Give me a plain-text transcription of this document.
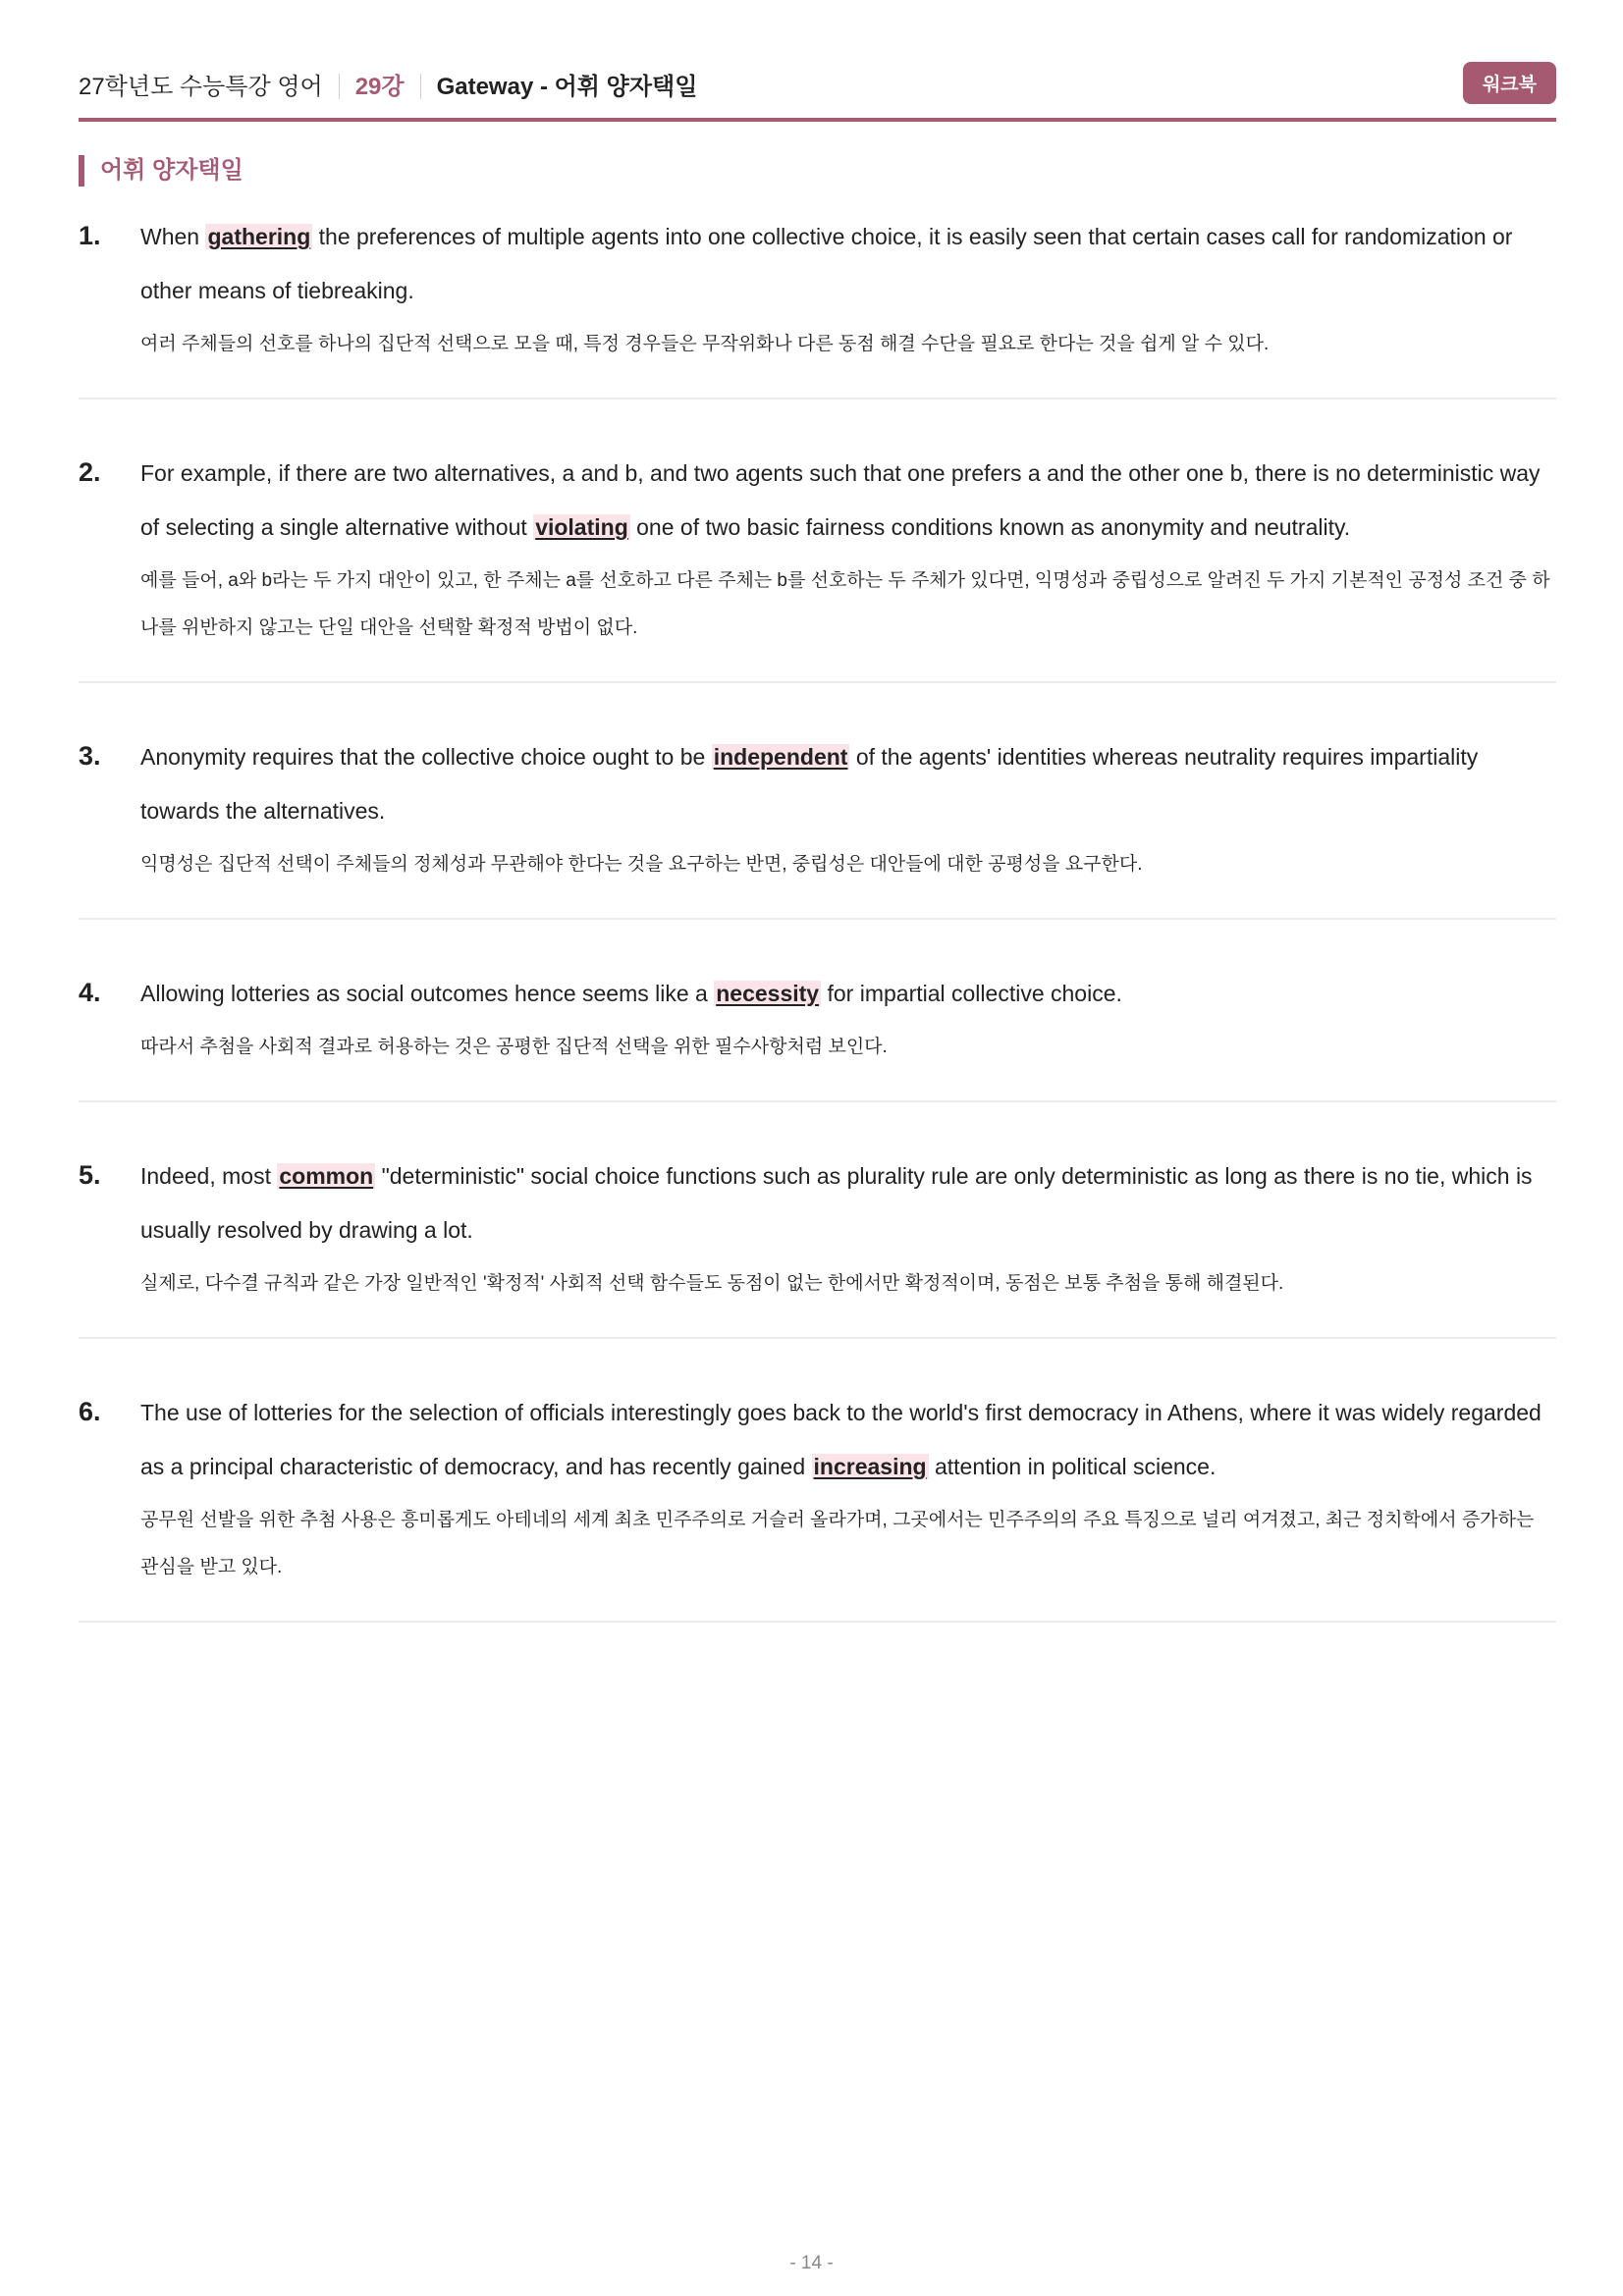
27학년도 수능특강 영어 29강 Gateway - 어휘 양자택일	워크북
어휘 양자택일
1. When gathering the preferences of multiple agents into one collective choice, it is easily seen that certain cases call for randomization or other means of tiebreaking.
여러 주체들의 선호를 하나의 집단적 선택으로 모을 때, 특정 경우들은 무작위화나 다른 동점 해결 수단을 필요로 한다는 것을 쉽게 알 수 있다.
2. For example, if there are two alternatives, a and b, and two agents such that one prefers a and the other one b, there is no deterministic way of selecting a single alternative without violating one of two basic fairness conditions known as anonymity and neutrality.
예를 들어, a와 b라는 두 가지 대안이 있고, 한 주체는 a를 선호하고 다른 주체는 b를 선호하는 두 주체가 있다면, 익명성과 중립성으로 알려진 두 가지 기본적인 공정성 조건 중 하나를 위반하지 않고는 단일 대안을 선택할 확정적 방법이 없다.
3. Anonymity requires that the collective choice ought to be independent of the agents' identities whereas neutrality requires impartiality towards the alternatives.
익명성은 집단적 선택이 주체들의 정체성과 무관해야 한다는 것을 요구하는 반면, 중립성은 대안들에 대한 공평성을 요구한다.
4. Allowing lotteries as social outcomes hence seems like a necessity for impartial collective choice.
따라서 추첨을 사회적 결과로 허용하는 것은 공평한 집단적 선택을 위한 필수사항처럼 보인다.
5. Indeed, most common "deterministic" social choice functions such as plurality rule are only deterministic as long as there is no tie, which is usually resolved by drawing a lot.
실제로, 다수결 규칙과 같은 가장 일반적인 '확정적' 사회적 선택 함수들도 동점이 없는 한에서만 확정적이며, 동점은 보통 추첨을 통해 해결된다.
6. The use of lotteries for the selection of officials interestingly goes back to the world's first democracy in Athens, where it was widely regarded as a principal characteristic of democracy, and has recently gained increasing attention in political science.
공무원 선발을 위한 추첨 사용은 흥미롭게도 아테네의 세계 최초 민주주의로 거슬러 올라가며, 그곳에서는 민주주의의 주요 특징으로 널리 여겨졌고, 최근 정치학에서 증가하는 관심을 받고 있다.
- 14 -
